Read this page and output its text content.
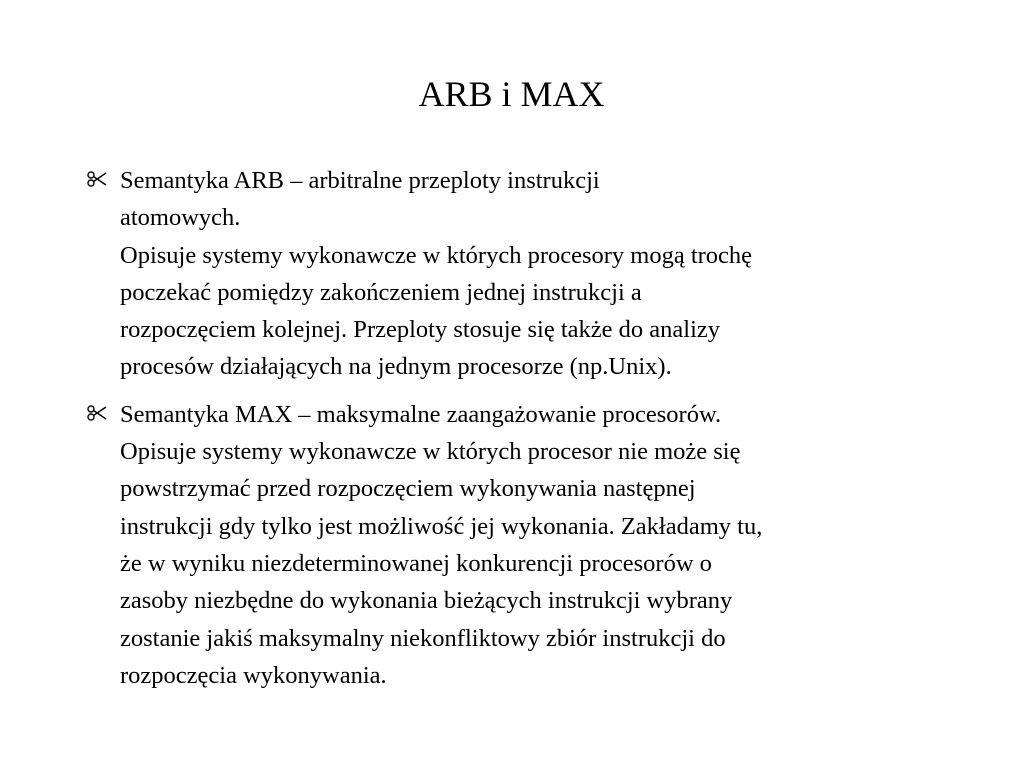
ARB i MAX
Semantyka ARB – arbitralne przeploty instrukcji
atomowych.
Opisuje systemy wykonawcze w których procesory mogą trochę
poczekać pomiędzy zakończeniem jednej instrukcji a
rozpoczęciem kolejnej. Przeploty stosuje się także do analizy
procesów działających na jednym procesorze (np.Unix).
Semantyka MAX – maksymalne zaangażowanie procesorów.
Opisuje systemy wykonawcze w których procesor nie może się
powstrzymać przed rozpoczęciem wykonywania następnej
instrukcji gdy tylko jest możliwość jej wykonania. Zakładamy tu,
że w wyniku niezdeterminowanej konkurencji procesorów o
zasoby niezbędne do wykonania bieżących instrukcji wybrany
zostanie jakiś maksymalny niekonfliktowy zbiór instrukcji do
rozpoczęcia wykonywania.
